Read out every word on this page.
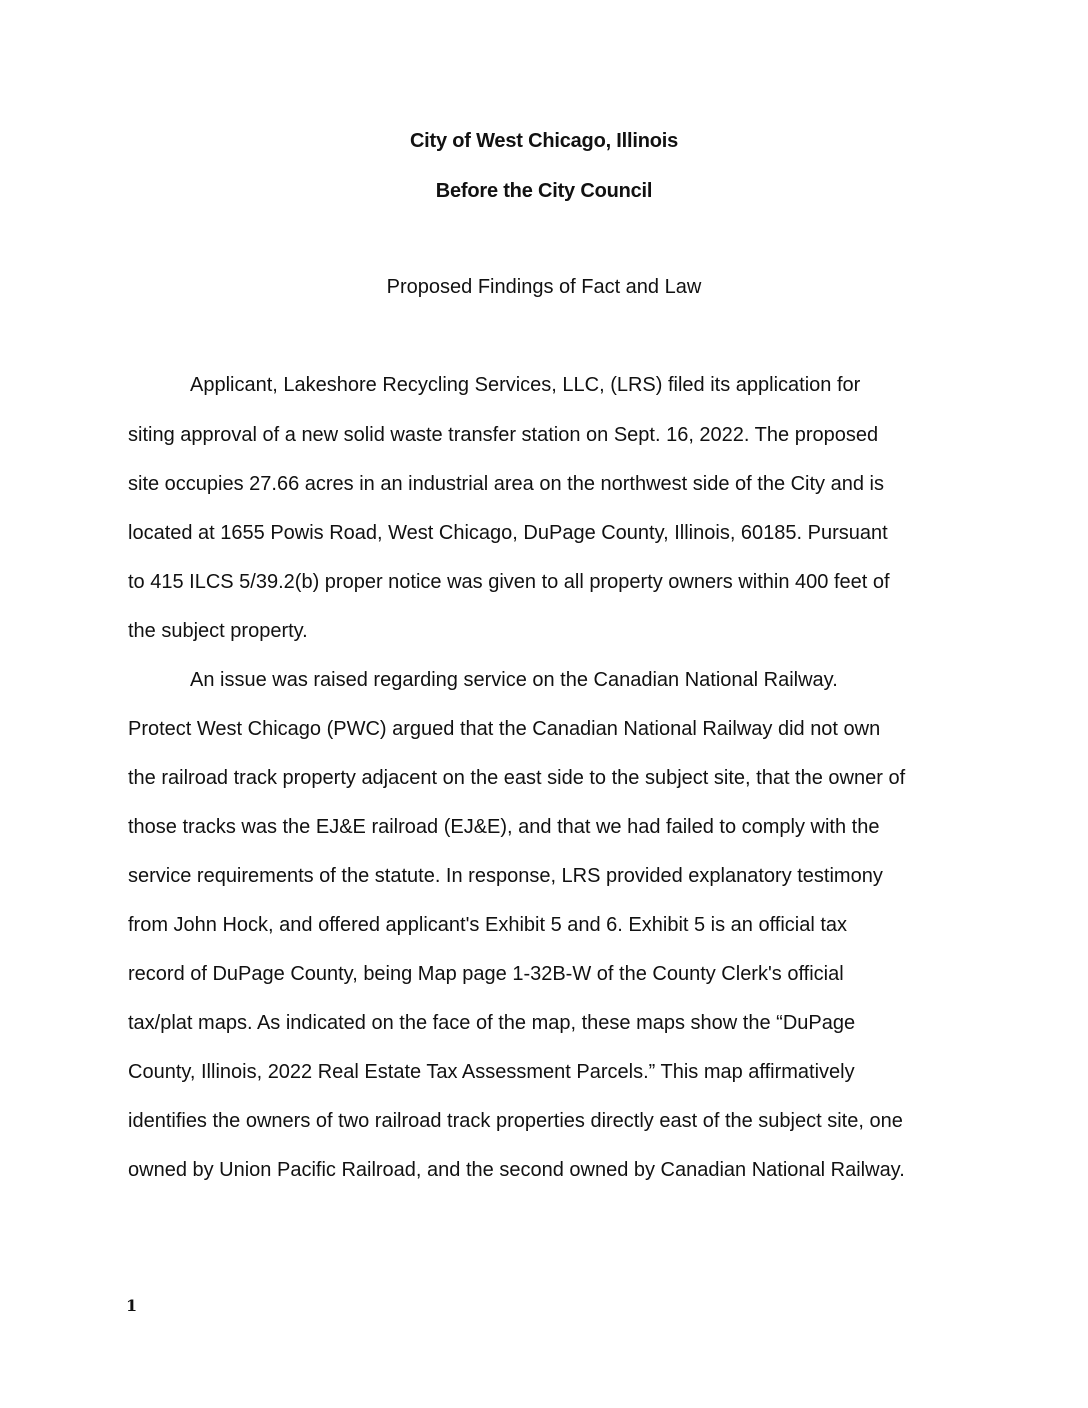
City of West Chicago, Illinois
Before the City Council
Proposed Findings of Fact and Law
Applicant, Lakeshore Recycling Services, LLC, (LRS) filed its application for
siting approval of a new solid waste transfer station on Sept. 16, 2022. The proposed
site occupies 27.66 acres in an industrial area on the northwest side of the City and is
located at 1655 Powis Road, West Chicago, DuPage County, Illinois, 60185. Pursuant
to 415 ILCS 5/39.2(b) proper notice was given to all property owners within 400 feet of
the subject property.
An issue was raised regarding service on the Canadian National Railway.
Protect West Chicago (PWC) argued that the Canadian National Railway did not own
the railroad track property adjacent on the east side to the subject site, that the owner of
those tracks was the EJ&E railroad (EJ&E), and that we had failed to comply with the
service requirements of the statute. In response, LRS provided explanatory testimony
from John Hock, and offered applicant's Exhibit 5 and 6. Exhibit 5 is an official tax
record of DuPage County, being Map page 1-32B-W of the County Clerk's official
tax/plat maps. As indicated on the face of the map, these maps show the “DuPage
County, Illinois, 2022 Real Estate Tax Assessment Parcels.” This map affirmatively
identifies the owners of two railroad track properties directly east of the subject site, one
owned by Union Pacific Railroad, and the second owned by Canadian National Railway.
1
